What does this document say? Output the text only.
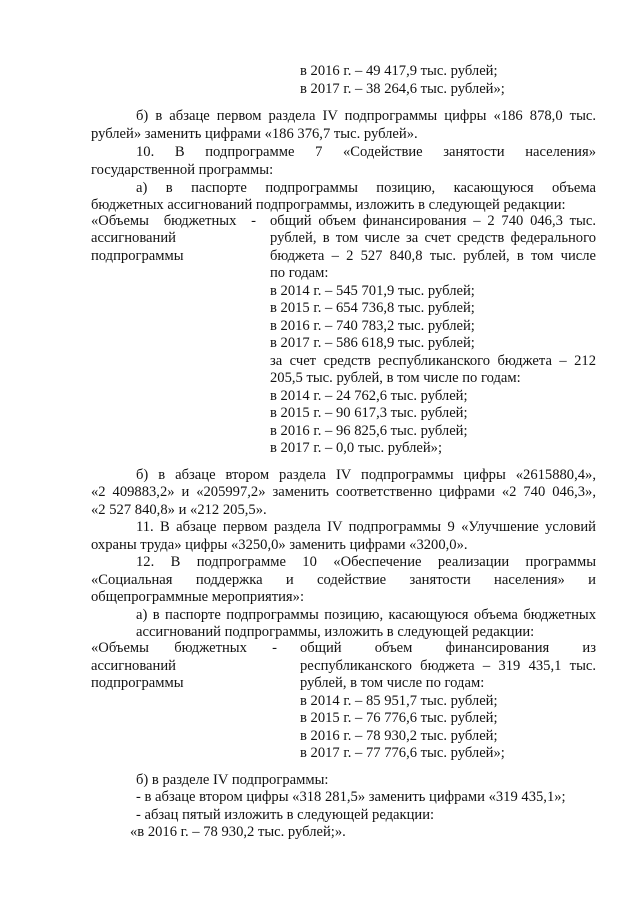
в 2016 г. – 49 417,9 тыс. рублей;
в 2017 г. – 38 264,6 тыс. рублей»;
б) в абзаце первом раздела IV подпрограммы цифры «186 878,0 тыс.
рублей» заменить цифрами «186 376,7 тыс. рублей».
10. В подпрограмме 7 «Содействие занятости населения»
государственной программы:
а) в паспорте подпрограммы позицию, касающуюся объема
бюджетных ассигнований подпрограммы, изложить в следующей редакции:
«Объемы бюджетных -
ассигнований
подпрограммы
общий объем финансирования – 2 740 046,3 тыс.
рублей, в том числе за счет средств федерального
бюджета – 2 527 840,8 тыс. рублей, в том числе
по годам:
в 2014 г. – 545 701,9 тыс. рублей;
в 2015 г. – 654 736,8 тыс. рублей;
в 2016 г. – 740 783,2 тыс. рублей;
в 2017 г. – 586 618,9 тыс. рублей;
за счет средств республиканского бюджета – 212
205,5 тыс. рублей, в том числе по годам:
в 2014 г. – 24 762,6 тыс. рублей;
в 2015 г. – 90 617,3 тыс. рублей;
в 2016 г. – 96 825,6 тыс. рублей;
в 2017 г. – 0,0 тыс. рублей»;
б) в абзаце втором раздела IV подпрограммы цифры «2615880,4»,
«2 409883,2» и «205997,2» заменить соответственно цифрами «2 740 046,3»,
«2 527 840,8» и «212 205,5».
11. В абзаце первом раздела IV подпрограммы 9 «Улучшение условий
охраны труда» цифры «3250,0» заменить цифрами «3200,0».
12. В подпрограмме 10 «Обеспечение реализации программы
«Социальная поддержка и содействие занятости населения» и
общепрограммные мероприятия»:
а) в паспорте подпрограммы позицию, касающуюся объема бюджетных
ассигнований подпрограммы, изложить в следующей редакции:
«Объемы бюджетных -
ассигнований
подпрограммы
общий объем финансирования из
республиканского бюджета – 319 435,1 тыс.
рублей, в том числе по годам:
в 2014 г. – 85 951,7 тыс. рублей;
в 2015 г. – 76 776,6 тыс. рублей;
в 2016 г. – 78 930,2 тыс. рублей;
в 2017 г. – 77 776,6 тыс. рублей»;
б) в разделе IV подпрограммы:
- в абзаце втором цифры «318 281,5» заменить цифрами «319 435,1»;
- абзац пятый изложить в следующей редакции:
«в 2016 г. – 78 930,2 тыс. рублей;».
